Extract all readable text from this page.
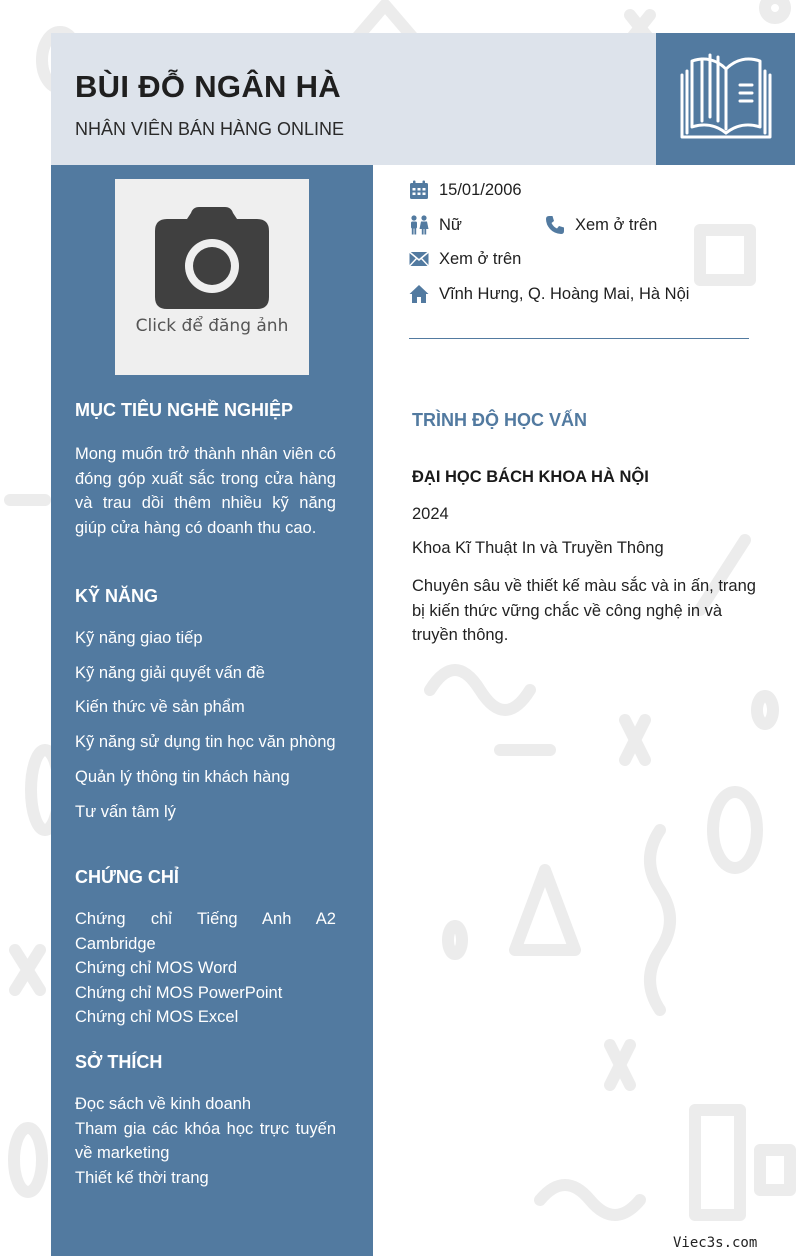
BÙI ĐỖ NGÂN HÀ
NHÂN VIÊN BÁN HÀNG ONLINE
Click để đăng ảnh
MỤC TIÊU NGHỀ NGHIỆP

Mong muốn trở thành nhân viên có đóng góp xuất sắc trong cửa hàng và trau dồi thêm nhiều kỹ năng giúp cửa hàng có doanh thu cao.

KỸ NĂNG
Kỹ năng giao tiếp
Kỹ năng giải quyết vấn đề
Kiến thức về sản phẩm
Kỹ năng sử dụng tin học văn phòng
Quản lý thông tin khách hàng
Tư vấn tâm lý
CHỨNG CHỈ
Chứng chỉ Tiếng Anh A2 Cambridge
Chứng chỉ MOS Word
Chứng chỉ MOS PowerPoint
Chứng chỉ MOS Excel
SỞ THÍCH
Đọc sách về kinh doanh
Tham gia các khóa học trực tuyến về marketing
Thiết kế thời trang
15/01/2006
Nữ	Xem ở trên
Xem ở trên
Vĩnh Hưng, Q. Hoàng Mai, Hà Nội
TRÌNH ĐỘ HỌC VẤN
ĐẠI HỌC BÁCH KHOA HÀ NỘI
2024
Khoa Kĩ Thuật In và Truyền Thông

Chuyên sâu về thiết kế màu sắc và in ấn, trang bị kiến thức vững chắc về công nghệ in và truyền thông.

Viec3s.com
